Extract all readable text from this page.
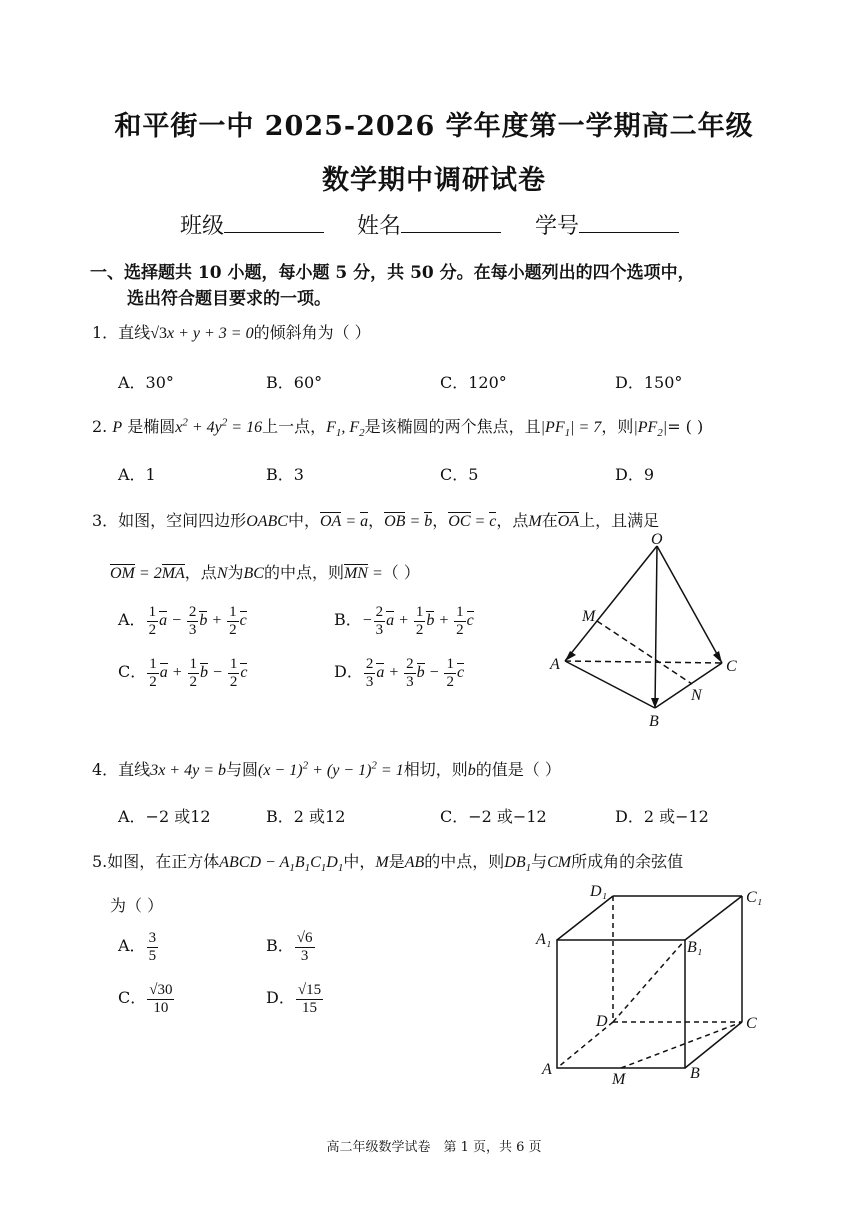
和平街一中 2025-2026 学年度第一学期高二年级
数学期中调研试卷
班级	姓名	学号
一、选择题共 10 小题，每小题 5 分，共 50 分。在每小题列出的四个选项中，
选出符合题目要求的一项。
1．直线√3x + y + 3 = 0的倾斜角为（ ）
A．30°	B．60°	C．120°	D．150°
2. P 是椭圆$x^2 + 4y^2 = 16$上一点，$F_1$, $F_2$是该椭圆的两个焦点，且$|PF_1| = 7$，则$|PF_2|=$ ( )
A．1	B．3	C．5	D．9
3．如图，空间四边形OABC中，OA = a，OB = b，OC = c，点M在OA上，且满足
OM = 2MA，点N为BC的中点，则MN =（ ）
A． $\frac{1}{2}$ $a - \frac{2}{3}$ $b + \frac{1}{2}$ c	B．− $\frac{2}{3}$ $a + \frac{1}{2}$ $b + \frac{1}{2}$ c
C． $\frac{1}{2}$ $a + \frac{1}{2}$ $b - \frac{1}{2}$ c	D． $\frac{2}{3}$ $a + \frac{2}{3}$ $b - \frac{1}{2}$ c
O
M
A	C
N
B
4．直线3x + 4y = b与圆$(x - 1)^2 + (y - 1)^2 = 1$相切，则b的值是（ ）
A．−2 或12	B．2 或12	C．−2 或−12	D．2 或−12
5.如图，在正方体ABCD − $A_1B_1C_1D_1$中，M是AB的中点，则$DB_1$与CM所成角的余弦值
为（ ）
A． $\frac{3}{5}$	B． $\frac{√6}{3}$
C． $\frac{√30}{10}$	D． $\frac{√15}{15}$
D₁	C₁
A₁	B₁
D	C
A
M	B
高二年级数学试卷　第 1 页，共 6 页
